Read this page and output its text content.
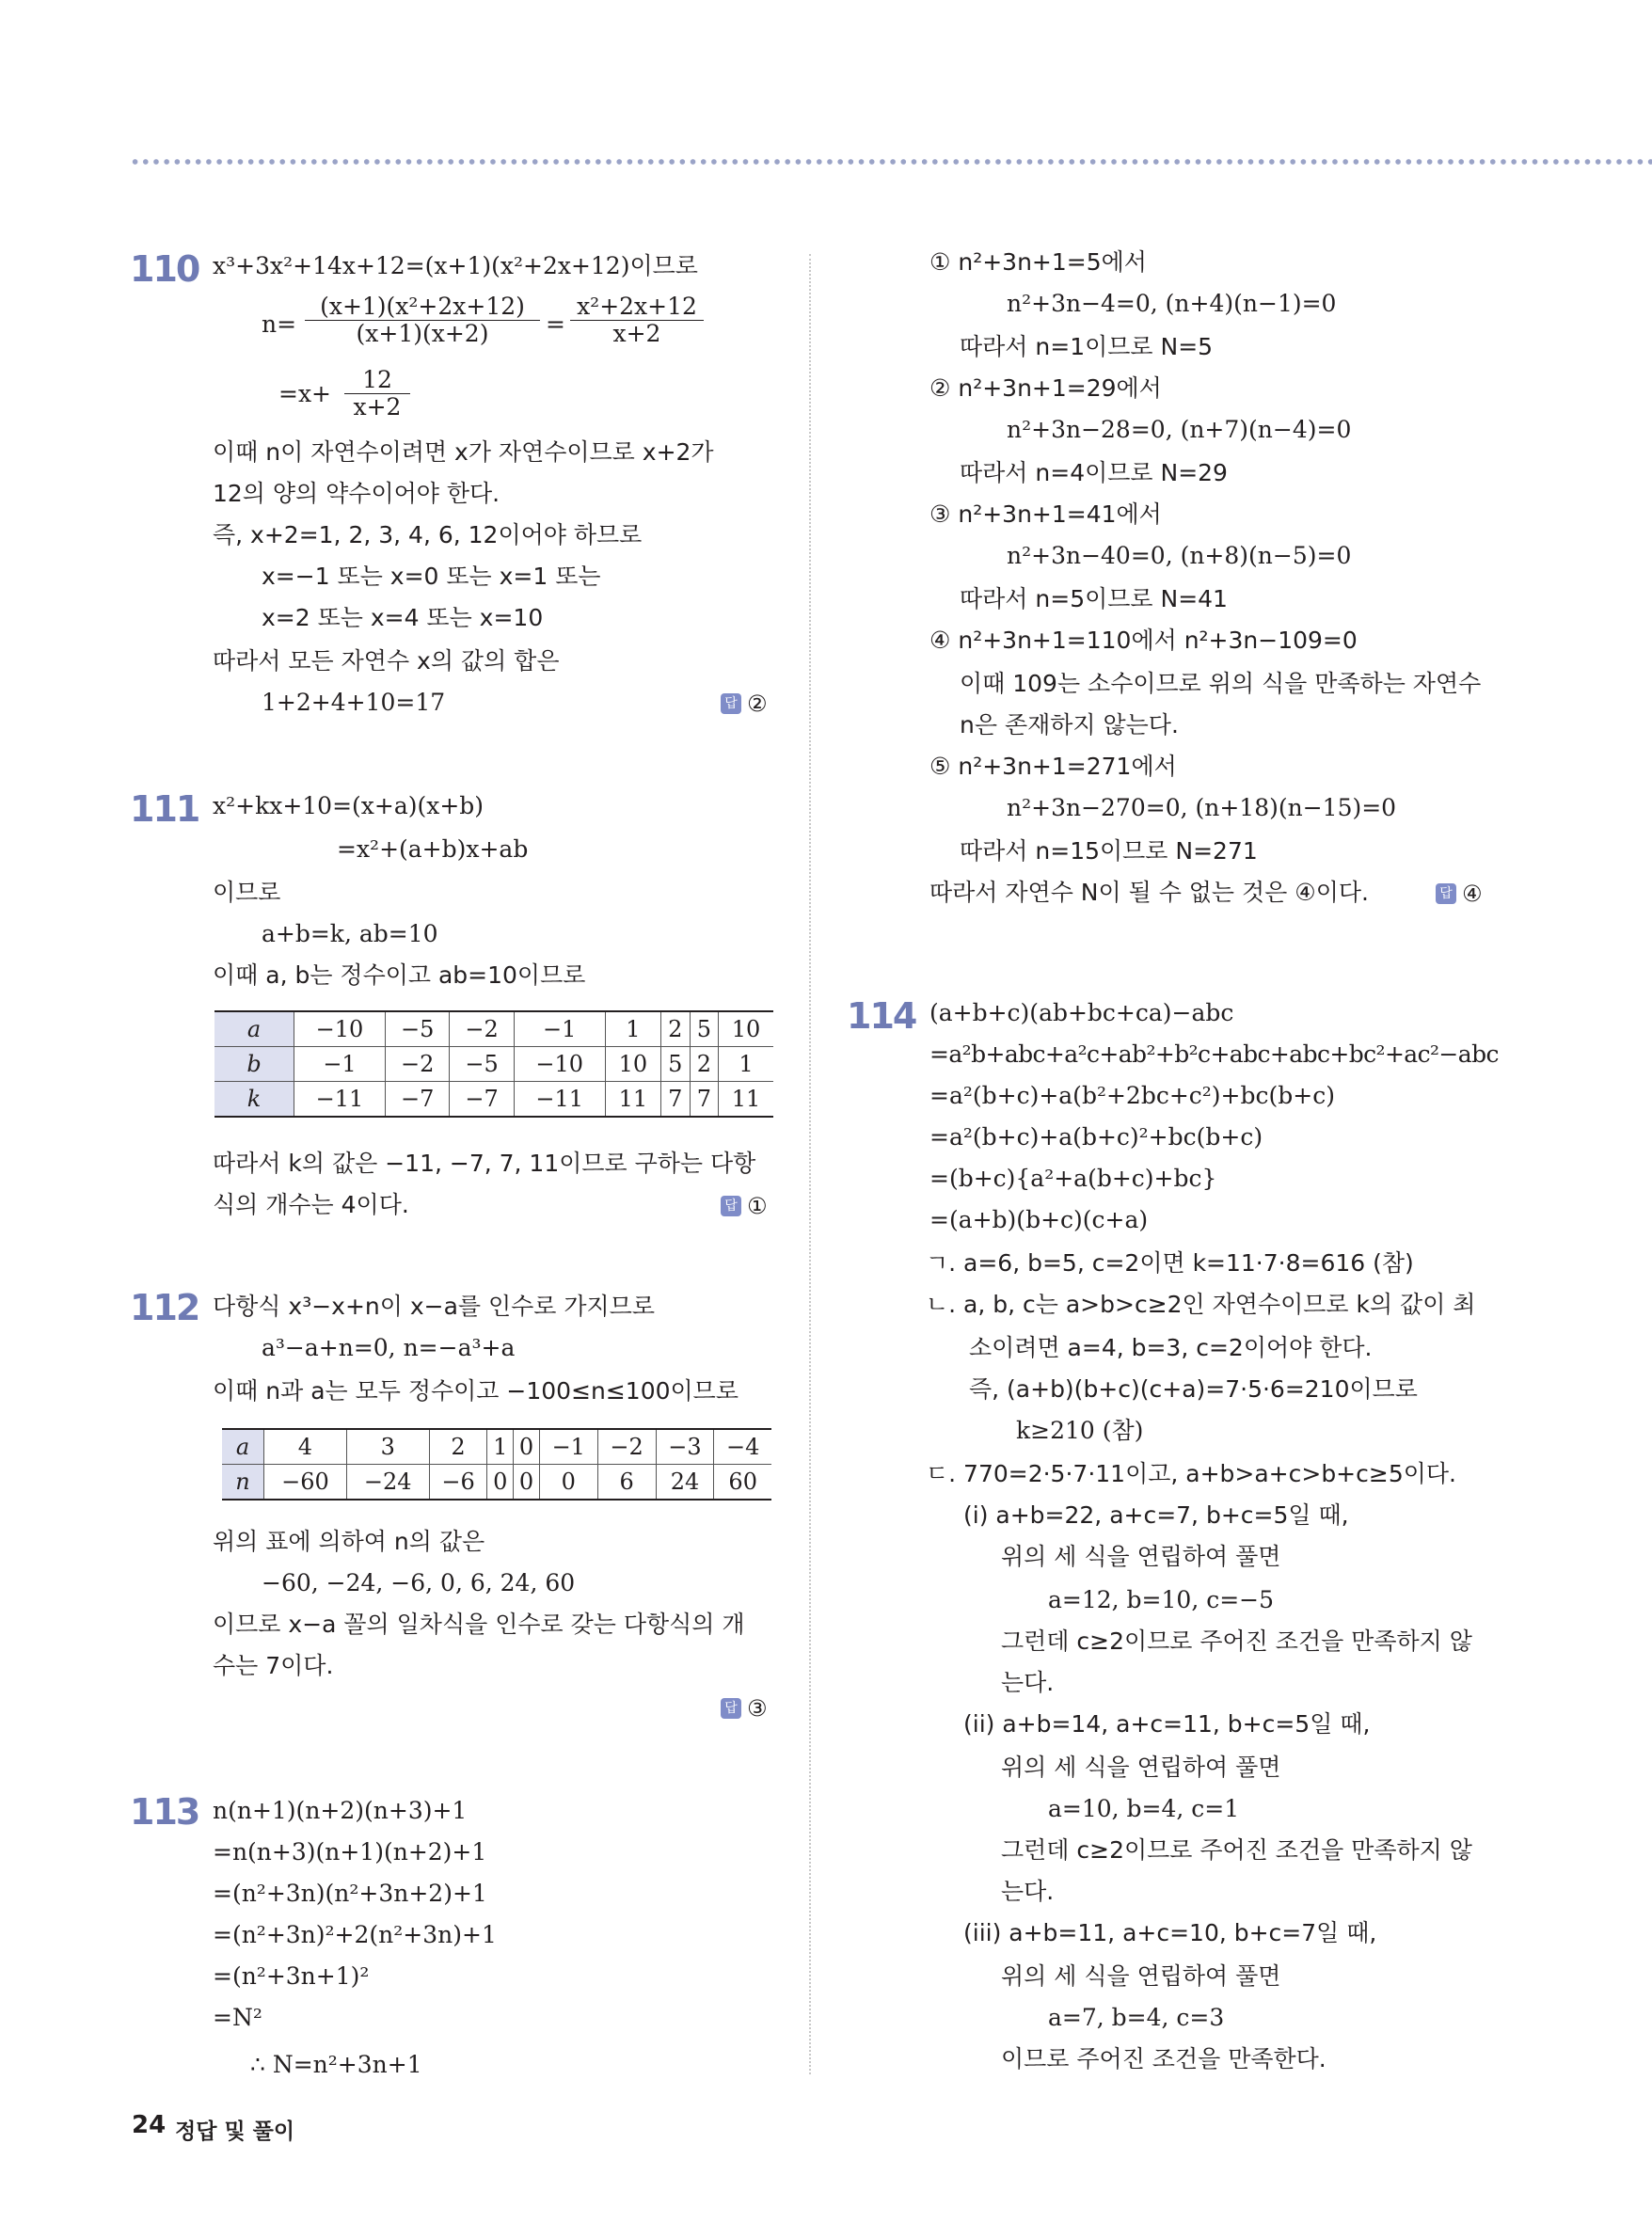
110 x³+3x²+14x+12=(x+1)(x²+2x+12)이므로
$n= \frac{\text{(x+1)(x²+2x+12)}}{(x+1)(x+2)} = \frac{\text{x²+2x+12}}{x+2}$
$=x+ \frac{12}{x+2}$
이때 n이 자연수이려면 x가 자연수이므로 x+2가
12의 양의 약수이어야 한다.
즉, x+2=1, 2, 3, 4, 6, 12이어야 하므로
x=−1 또는 x=0 또는 x=1 또는
x=2 또는 x=4 또는 x=10
따라서 모든 자연수 x의 값의 합은
1+2+4+10=17	답 ②
111 x²+kx+10=(x+a)(x+b)
=x²+(a+b)x+ab
이므로
a+b=k, ab=10
이때 a, b는 정수이고 ab=10이므로
a	−10	−5	−2	−1	1	2	5	10
b	−1	−2	−5	−10	10	5	2	1
k	−11	−7	−7	−11	11	7	7	11
따라서 k의 값은 −11, −7, 7, 11이므로 구하는 다항
식의 개수는 4이다.	답 ①
112 다항식 x³−x+n이 x−a를 인수로 가지므로
a³−a+n=0, n=−a³+a
이때 n과 a는 모두 정수이고 −100≤n≤100이므로
a	4	3	2	1	0	−1	−2	−3	−4
n	−60	−24	−6	0	0	0	6	24	60
위의 표에 의하여 n의 값은
−60, −24, −6, 0, 6, 24, 60
이므로 x−a 꼴의 일차식을 인수로 갖는 다항식의 개
수는 7이다.
답 ③
113 n(n+1)(n+2)(n+3)+1
=n(n+3)(n+1)(n+2)+1
=(n²+3n)(n²+3n+2)+1
=(n²+3n)²+2(n²+3n)+1
=(n²+3n+1)²
=N²
∴ N=n²+3n+1
① n²+3n+1=5에서
n²+3n−4=0, (n+4)(n−1)=0
따라서 n=1이므로 N=5
② n²+3n+1=29에서
n²+3n−28=0, (n+7)(n−4)=0
따라서 n=4이므로 N=29
③ n²+3n+1=41에서
n²+3n−40=0, (n+8)(n−5)=0
따라서 n=5이므로 N=41
④ n²+3n+1=110에서 n²+3n−109=0
이때 109는 소수이므로 위의 식을 만족하는 자연수
n은 존재하지 않는다.
⑤ n²+3n+1=271에서
n²+3n−270=0, (n+18)(n−15)=0
따라서 n=15이므로 N=271
따라서 자연수 N이 될 수 없는 것은 ④이다.	답 ④
114 (a+b+c)(ab+bc+ca)−abc
=a²b+abc+a²c+ab²+b²c+abc+abc+bc²+ac²−abc
=a²(b+c)+a(b²+2bc+c²)+bc(b+c)
=a²(b+c)+a(b+c)²+bc(b+c)
=(b+c){a²+a(b+c)+bc}
=(a+b)(b+c)(c+a)
ㄱ. a=6, b=5, c=2이면 k=11·7·8=616 (참)
ㄴ. a, b, c는 a>b>c≥2인 자연수이므로 k의 값이 최
소이려면 a=4, b=3, c=2이어야 한다.
즉, (a+b)(b+c)(c+a)=7·5·6=210이므로
k≥210 (참)
ㄷ. 770=2·5·7·11이고, a+b>a+c>b+c≥5이다.
(i) a+b=22, a+c=7, b+c=5일 때,
위의 세 식을 연립하여 풀면
a=12, b=10, c=−5
그런데 c≥2이므로 주어진 조건을 만족하지 않
는다.
(ii) a+b=14, a+c=11, b+c=5일 때,
위의 세 식을 연립하여 풀면
a=10, b=4, c=1
그런데 c≥2이므로 주어진 조건을 만족하지 않
는다.
(iii) a+b=11, a+c=10, b+c=7일 때,
위의 세 식을 연립하여 풀면
a=7, b=4, c=3
이므로 주어진 조건을 만족한다.
24 정답 및 풀이
